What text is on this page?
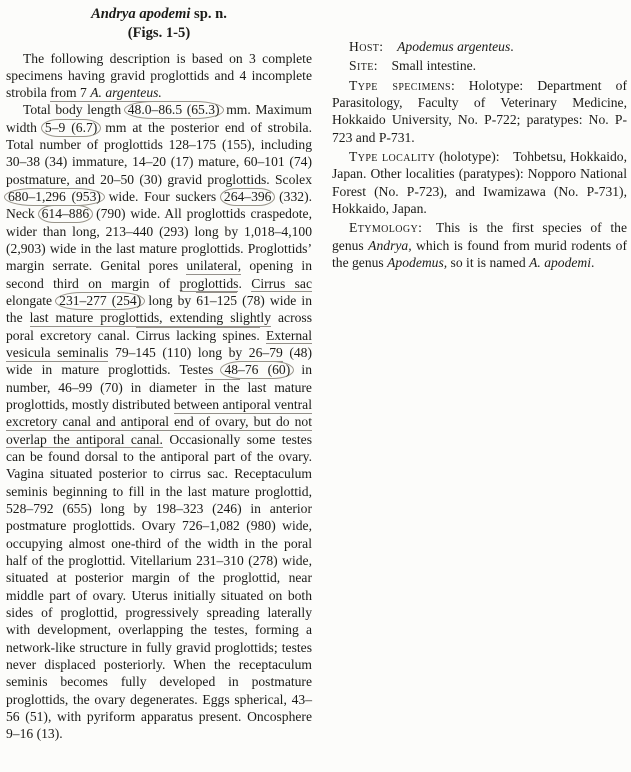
Andrya apodemi sp. n.
(Figs. 1-5)

The following description is based on 3 complete specimens having gravid proglottids and 4 incomplete strobila from 7 A. argenteus.

Total body length 48.0–86.5 (65.3) mm. Maximum width 5–9 (6.7) mm at the posterior end of strobila. Total number of proglottids 128–175 (155), including 30–38 (34) immature, 14–20 (17) mature, 60–101 (74) postmature, and 20–50 (30) gravid proglottids. Scolex 680–1,296 (953) wide. Four suckers 264–396 (332). Neck 614–886 (790) wide. All proglottids craspedote, wider than long, 213–440 (293) long by 1,018–4,100 (2,903) wide in the last mature proglottids. Proglottids’ margin serrate. Genital pores unilateral, opening in second third on margin of proglottids. Cirrus sac elongate 231–277 (254) long by 61–125 (78) wide in the last mature proglottids, extending slightly across poral excretory canal. Cirrus lacking spines. External vesicula seminalis 79–145 (110) long by 26–79 (48) wide in mature proglottids. Testes 48–76 (60) in number, 46–99 (70) in diameter in the last mature proglottids, mostly distributed between antiporal ventral excretory canal and antiporal end of ovary, but do not overlap the antiporal canal. Occasionally some testes can be found dorsal to the antiporal part of the ovary. Vagina situated posterior to cirrus sac. Receptaculum seminis beginning to fill in the last mature proglottid, 528–792 (655) long by 198–323 (246) in anterior postmature proglottids. Ovary 726–1,082 (980) wide, occupying almost one-third of the width in the poral half of the proglottid. Vitellarium 231–310 (278) wide, situated at posterior margin of the proglottid, near middle part of ovary. Uterus initially situated on both sides of proglottid, progressively spreading laterally with development, overlapping the testes, forming a network-like structure in fully gravid proglottids; testes never displaced posteriorly. When the receptaculum seminis becomes fully developed in postmature proglottids, the ovary degenerates. Eggs spherical, 43–56 (51), with pyriform apparatus present. Oncosphere 9–16 (13).

Host:  Apodemus argenteus.

Site: Small intestine.

Type specimens: Holotype: Department of Parasitology, Faculty of Veterinary Medicine, Hokkaido University, No. P-722; paratypes: No. P-723 and P-731.

Type locality (holotype): Tohbetsu, Hokkaido, Japan. Other localities (paratypes): Nopporo National Forest (No. P-723), and Iwamizawa (No. P-731), Hokkaido, Japan.

Etymology: This is the first species of the genus Andrya, which is found from murid rodents of the genus Apodemus, so it is named A. apodemi.
